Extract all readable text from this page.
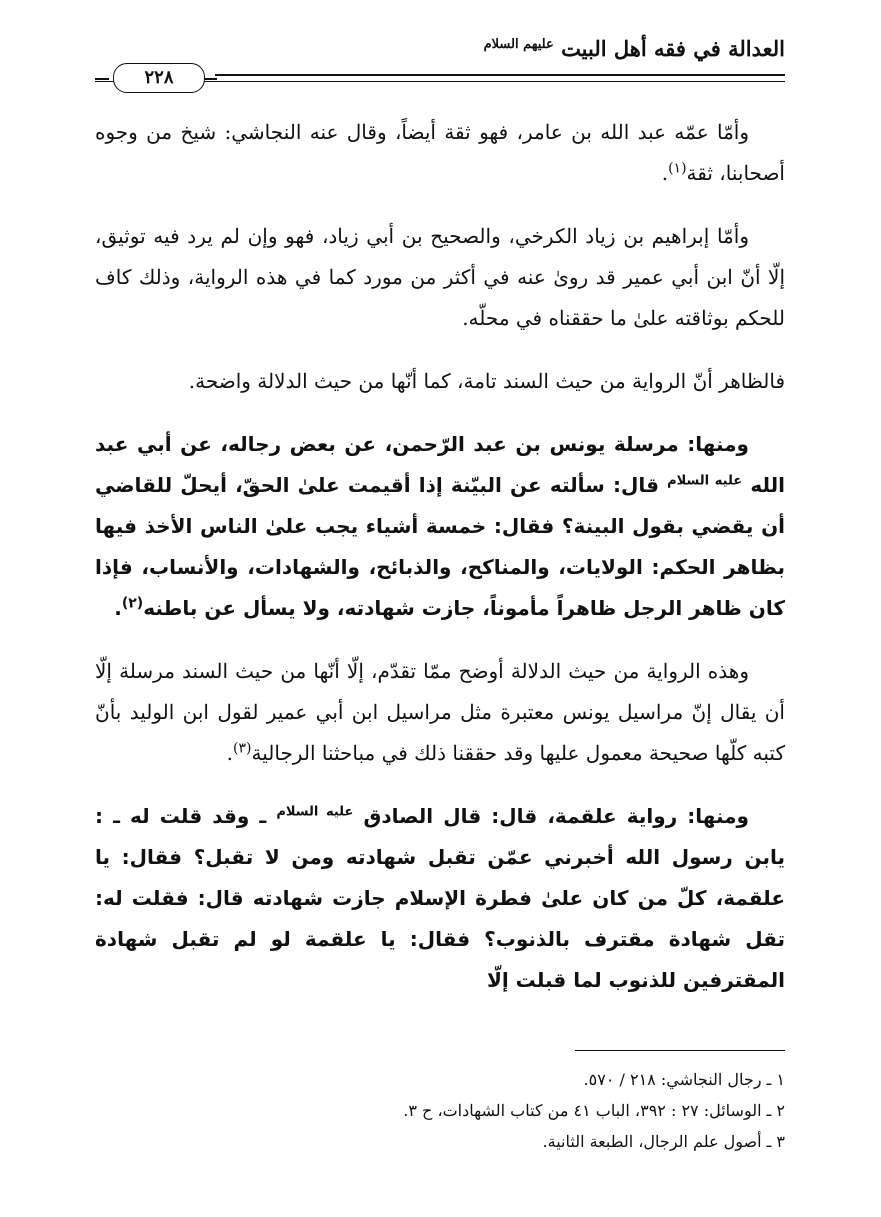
العدالة في فقه أهل البيت $^{عليهم السلام}$
٢٢٨

وأمّا عمّه عبد الله بن عامر، فهو ثقة أيضاً، وقال عنه النجاشي: شيخ من وجوه أصحابنا، ثقة$^{(١)}$.

وأمّا إبراهيم بن زياد الكرخي، والصحيح بن أبي زياد، فهو وإن لم يرد فيه توثيق، إلّا أنّ ابن أبي عمير قد روىٰ عنه في أكثر من مورد كما في هذه الرواية، وذلك كاف للحكم بوثاقته علىٰ ما حققناه في محلّه.

فالظاهر أنّ الرواية من حيث السند تامة، كما أنّها من حيث الدلالة واضحة.

ومنها: مرسلة يونس بن عبد الرّحمن، عن بعض رجاله، عن أبي عبد الله $^{عليه السلام}$ قال: سألته عن البيّنة إذا أقيمت علىٰ الحقّ، أيحلّ للقاضي أن يقضي بقول البينة؟ فقال: خمسة أشياء يجب علىٰ الناس الأخذ فيها بظاهر الحكم: الولايات، والمناكح، والذبائح، والشهادات، والأنساب، فإذا كان ظاهر الرجل ظاهراً مأموناً، جازت شهادته، ولا يسأل عن باطنه$^{(٢)}$.

وهذه الرواية من حيث الدلالة أوضح ممّا تقدّم، إلّا أنّها من حيث السند مرسلة إلّا أن يقال إنّ مراسيل يونس معتبرة مثل مراسيل ابن أبي عمير لقول ابن الوليد بأنّ كتبه كلّها صحيحة معمول عليها وقد حققنا ذلك في مباحثنا الرجالية$^{(٣)}$.

ومنها: رواية علقمة، قال: قال الصادق $^{عليه السلام}$ ـ وقد قلت له ـ : يابن رسول الله أخبرني عمّن تقبل شهادته ومن لا تقبل؟ فقال: يا علقمة، كلّ من كان علىٰ فطرة الإسلام جازت شهادته قال: فقلت له: تقل شهادة مقترف بالذنوب؟ فقال: يا علقمة لو لم تقبل شهادة المقترفين للذنوب لما قبلت إلّا

١ ـ رجال النجاشي: ٢١٨ / ٥٧٠.
٢ ـ الوسائل: ٢٧ : ٣٩٢، الباب ٤١ من كتاب الشهادات، ح ٣.
٣ ـ أصول علم الرجال، الطبعة الثانية.
